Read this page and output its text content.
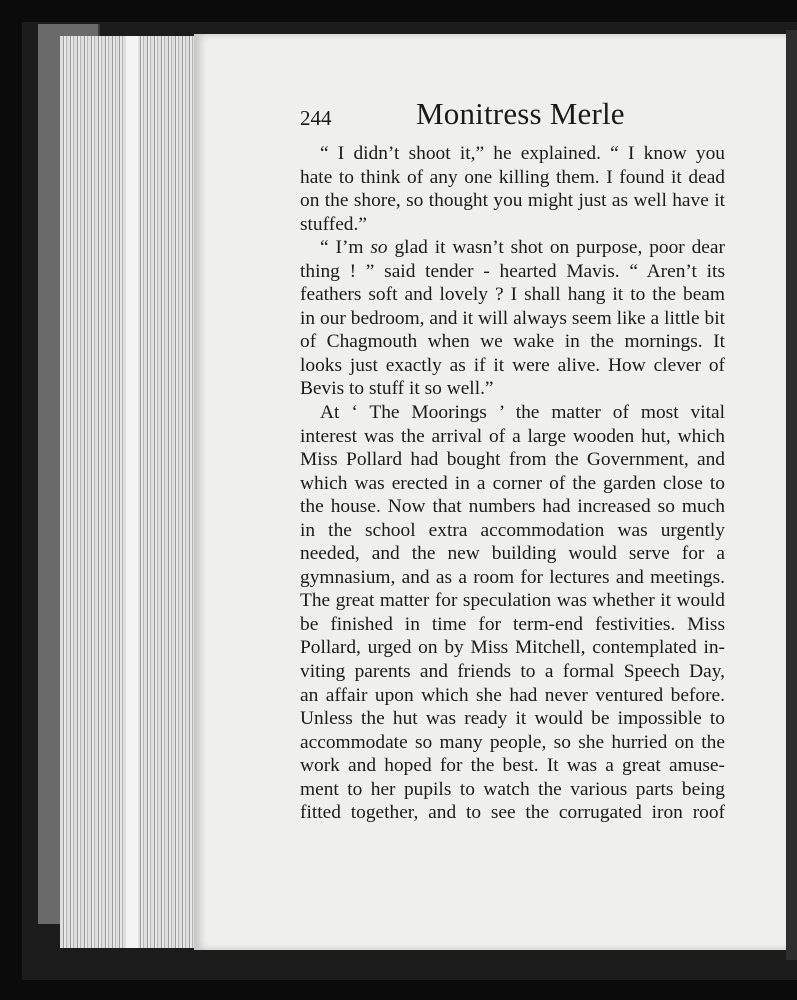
244	Monitress Merle
“ I didn’t shoot it,” he explained. “ I know you
hate to think of any one killing them. I found it dead
on the shore, so thought you might just as well have it
stuffed.”
“ I’m so glad it wasn’t shot on purpose, poor dear
thing ! ” said tender - hearted Mavis. “ Aren’t its
feathers soft and lovely ? I shall hang it to the beam
in our bedroom, and it will always seem like a little bit
of Chagmouth when we wake in the mornings. It
looks just exactly as if it were alive. How clever of
Bevis to stuff it so well.”
At ‘ The Moorings ’ the matter of most vital
interest was the arrival of a large wooden hut, which
Miss Pollard had bought from the Government, and
which was erected in a corner of the garden close to
the house. Now that numbers had increased so much
in the school extra accommodation was urgently
needed, and the new building would serve for a
gymnasium, and as a room for lectures and meetings.
The great matter for speculation was whether it would
be finished in time for term-end festivities. Miss
Pollard, urged on by Miss Mitchell, contemplated in-
viting parents and friends to a formal Speech Day,
an affair upon which she had never ventured before.
Unless the hut was ready it would be impossible to
accommodate so many people, so she hurried on the
work and hoped for the best. It was a great amuse-
ment to her pupils to watch the various parts being
fitted together, and to see the corrugated iron roof
